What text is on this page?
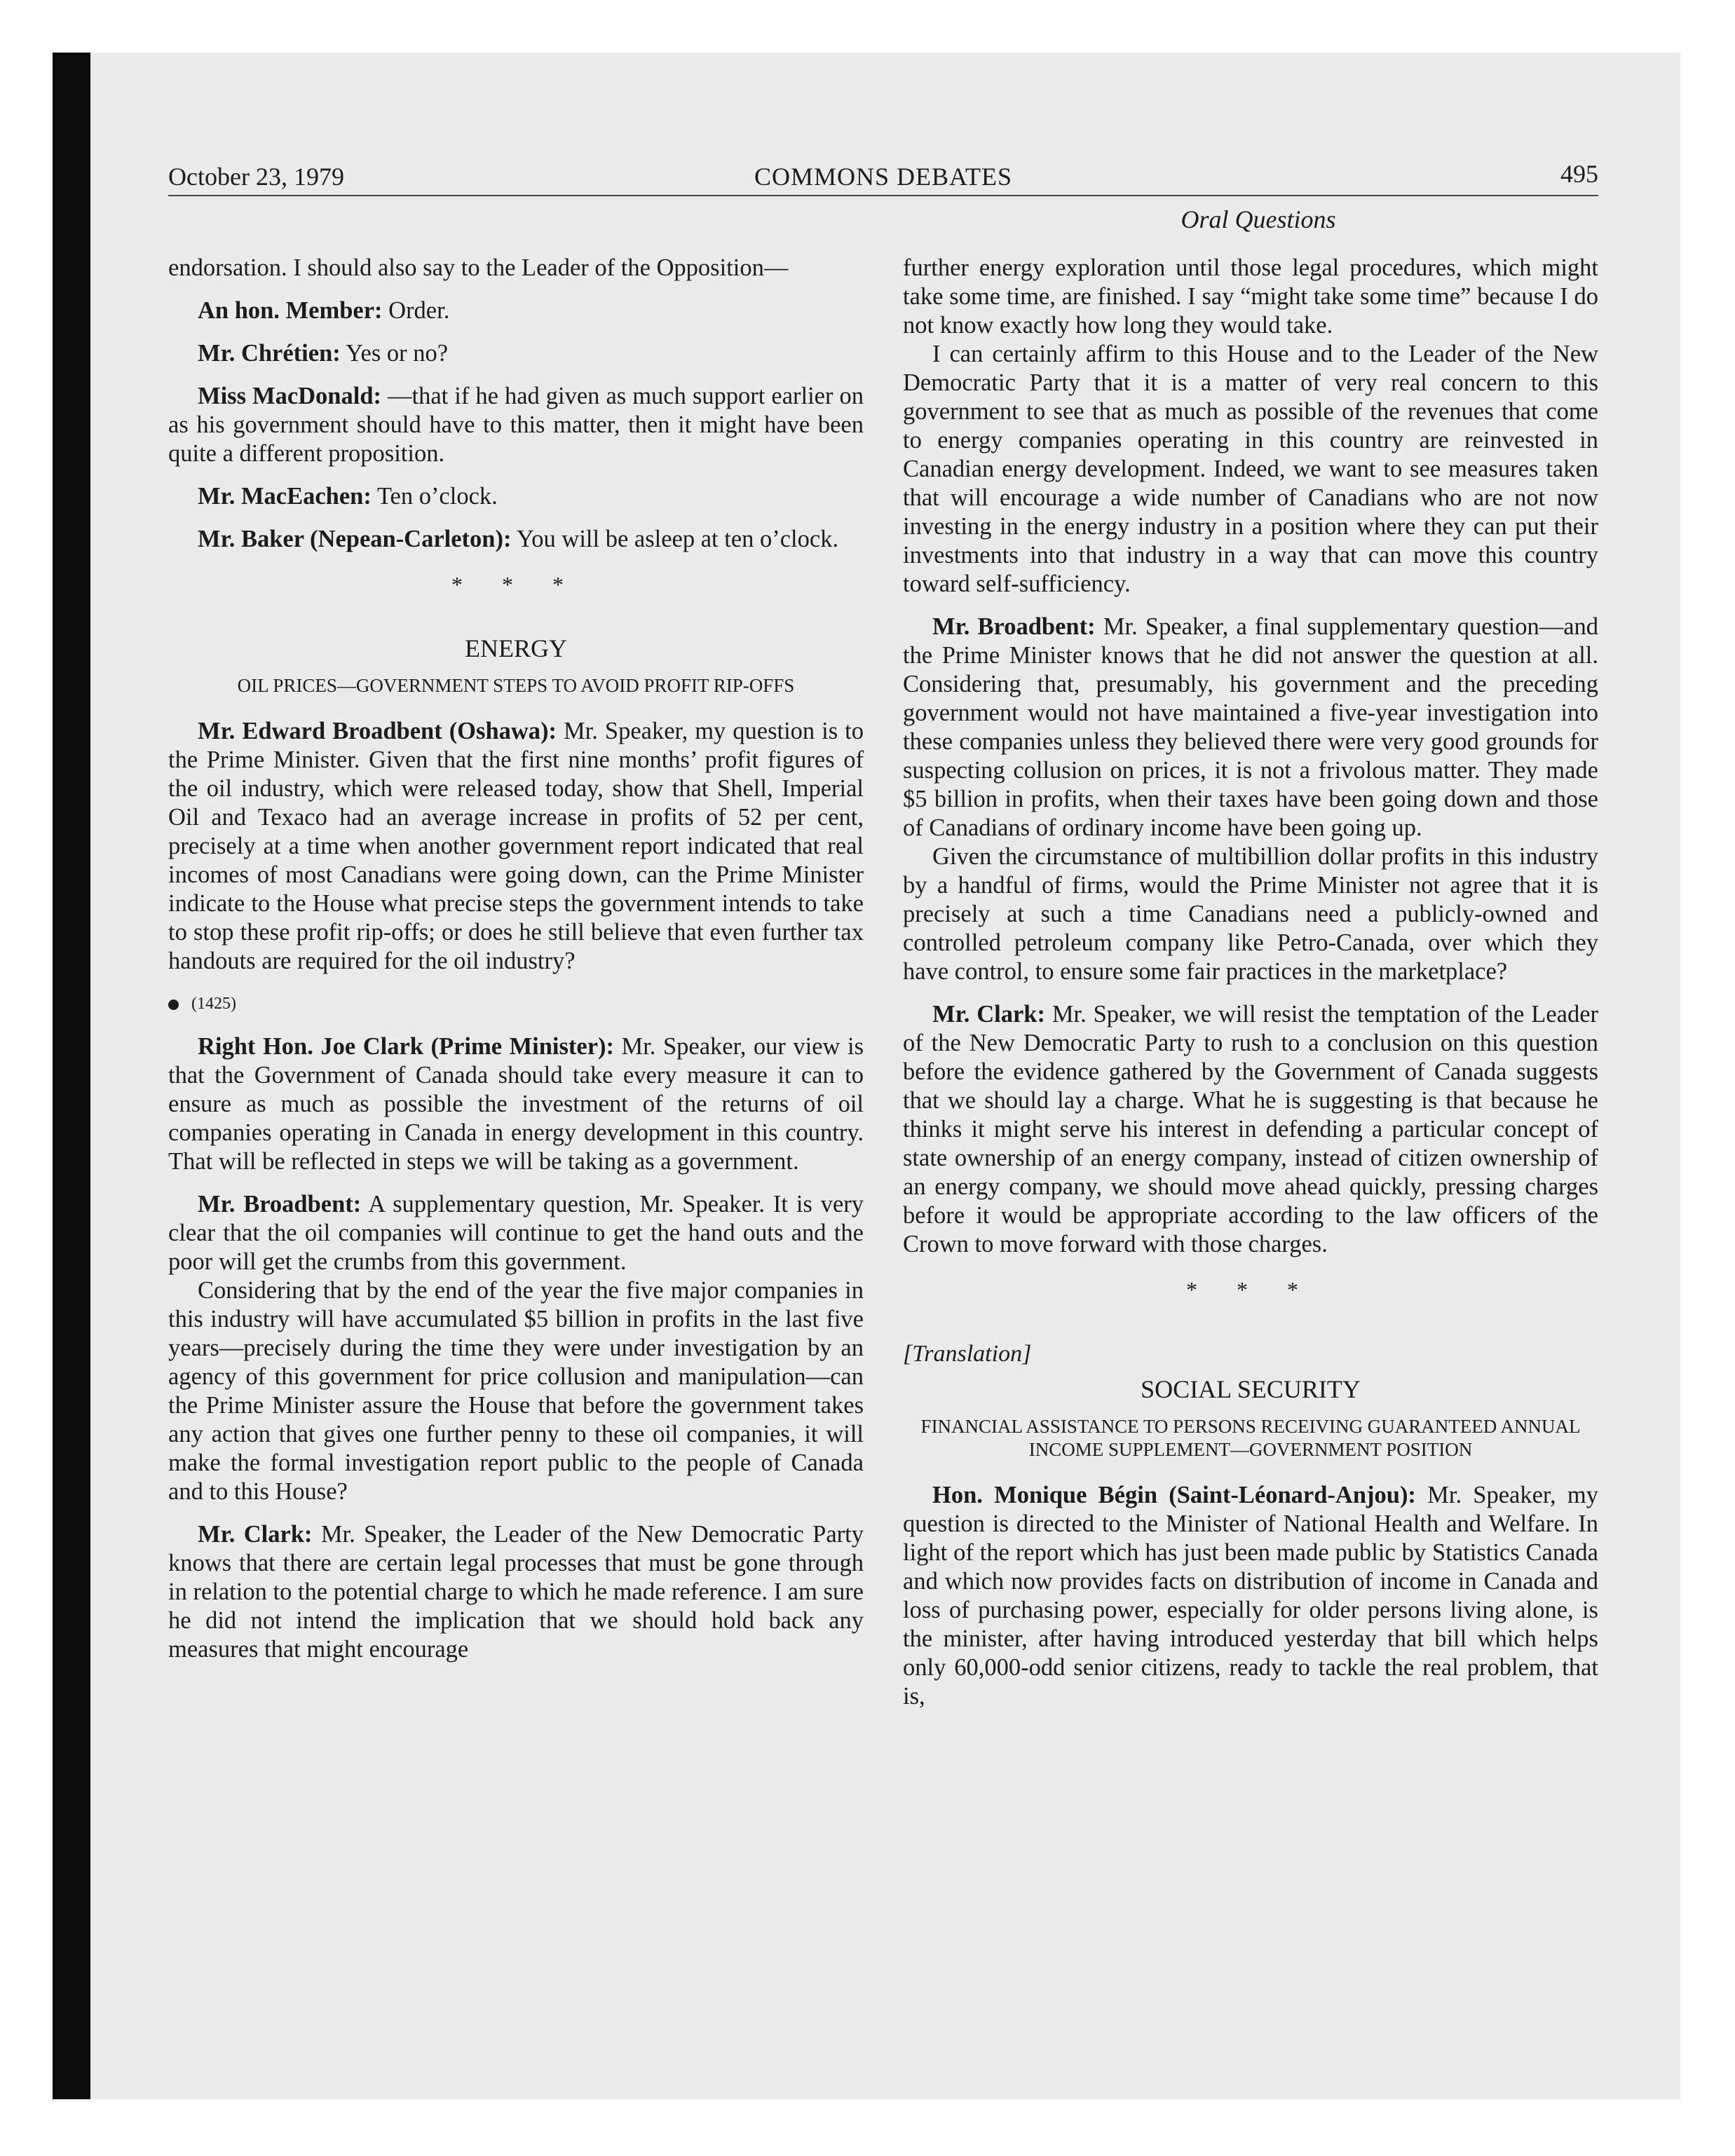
October 23, 1979	COMMONS DEBATES	495
Oral Questions

endorsation. I should also say to the Leader of the Opposition—

An hon. Member: Order.

Mr. Chrétien: Yes or no?

Miss MacDonald: —that if he had given as much support earlier on as his government should have to this matter, then it might have been quite a different proposition.

Mr. MacEachen: Ten o’clock.

Mr. Baker (Nepean-Carleton): You will be asleep at ten o’clock.

* * *
ENERGY
OIL PRICES—GOVERNMENT STEPS TO AVOID PROFIT RIP-OFFS

Mr. Edward Broadbent (Oshawa): Mr. Speaker, my question is to the Prime Minister. Given that the first nine months’ profit figures of the oil industry, which were released today, show that Shell, Imperial Oil and Texaco had an average increase in profits of 52 per cent, precisely at a time when another government report indicated that real incomes of most Canadians were going down, can the Prime Minister indicate to the House what precise steps the government intends to take to stop these profit rip-offs; or does he still believe that even further tax handouts are required for the oil industry?

(1425)

Right Hon. Joe Clark (Prime Minister): Mr. Speaker, our view is that the Government of Canada should take every measure it can to ensure as much as possible the investment of the returns of oil companies operating in Canada in energy development in this country. That will be reflected in steps we will be taking as a government.

Mr. Broadbent: A supplementary question, Mr. Speaker. It is very clear that the oil companies will continue to get the hand outs and the poor will get the crumbs from this government.

Considering that by the end of the year the five major companies in this industry will have accumulated $5 billion in profits in the last five years—precisely during the time they were under investigation by an agency of this government for price collusion and manipulation—can the Prime Minister assure the House that before the government takes any action that gives one further penny to these oil companies, it will make the formal investigation report public to the people of Canada and to this House?

Mr. Clark: Mr. Speaker, the Leader of the New Democratic Party knows that there are certain legal processes that must be gone through in relation to the potential charge to which he made reference. I am sure he did not intend the implication that we should hold back any measures that might encourage

further energy exploration until those legal procedures, which might take some time, are finished. I say “might take some time” because I do not know exactly how long they would take.

I can certainly affirm to this House and to the Leader of the New Democratic Party that it is a matter of very real concern to this government to see that as much as possible of the revenues that come to energy companies operating in this country are reinvested in Canadian energy development. Indeed, we want to see measures taken that will encourage a wide number of Canadians who are not now investing in the energy industry in a position where they can put their investments into that industry in a way that can move this country toward self-sufficiency.

Mr. Broadbent: Mr. Speaker, a final supplementary question—and the Prime Minister knows that he did not answer the question at all. Considering that, presumably, his government and the preceding government would not have maintained a five-year investigation into these companies unless they believed there were very good grounds for suspecting collusion on prices, it is not a frivolous matter. They made $5 billion in profits, when their taxes have been going down and those of Canadians of ordinary income have been going up.

Given the circumstance of multibillion dollar profits in this industry by a handful of firms, would the Prime Minister not agree that it is precisely at such a time Canadians need a publicly-owned and controlled petroleum company like Petro-Canada, over which they have control, to ensure some fair practices in the marketplace?

Mr. Clark: Mr. Speaker, we will resist the temptation of the Leader of the New Democratic Party to rush to a conclusion on this question before the evidence gathered by the Government of Canada suggests that we should lay a charge. What he is suggesting is that because he thinks it might serve his interest in defending a particular concept of state ownership of an energy company, instead of citizen ownership of an energy company, we should move ahead quickly, pressing charges before it would be appropriate according to the law officers of the Crown to move forward with those charges.

* * *
[Translation]
SOCIAL SECURITY
FINANCIAL ASSISTANCE TO PERSONS RECEIVING GUARANTEED ANNUAL INCOME SUPPLEMENT—GOVERNMENT POSITION

Hon. Monique Bégin (Saint-Léonard-Anjou): Mr. Speaker, my question is directed to the Minister of National Health and Welfare. In light of the report which has just been made public by Statistics Canada and which now provides facts on distribution of income in Canada and loss of purchasing power, especially for older persons living alone, is the minister, after having introduced yesterday that bill which helps only 60,000-odd senior citizens, ready to tackle the real problem, that is,
